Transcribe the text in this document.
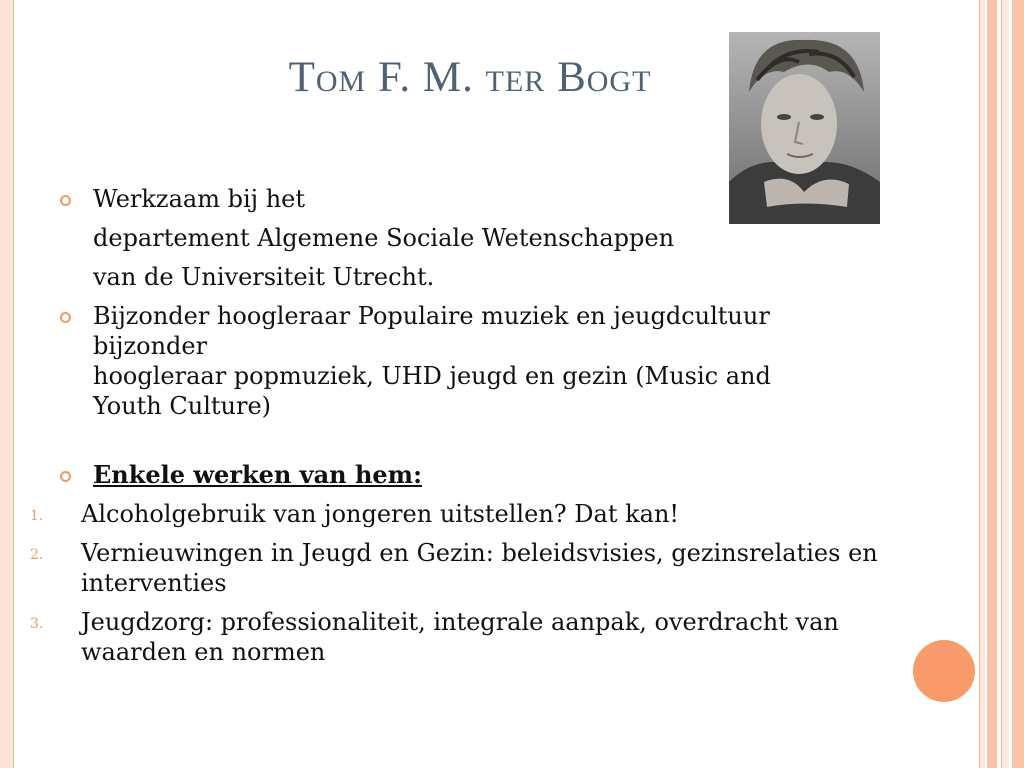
Tom F. M. ter Bogt
Werkzaam bij het
departement Algemene Sociale Wetenschappen
van de Universiteit Utrecht.
Bijzonder hoogleraar Populaire muziek en jeugdcultuur
bijzonder
hoogleraar popmuziek, UHD jeugd en gezin (Music and
Youth Culture)
Enkele werken van hem:
1. Alcoholgebruik van jongeren uitstellen? Dat kan!
2. Vernieuwingen in Jeugd en Gezin: beleidsvisies, gezinsrelaties en interventies
3. Jeugdzorg: professionaliteit, integrale aanpak, overdracht van waarden en normen
